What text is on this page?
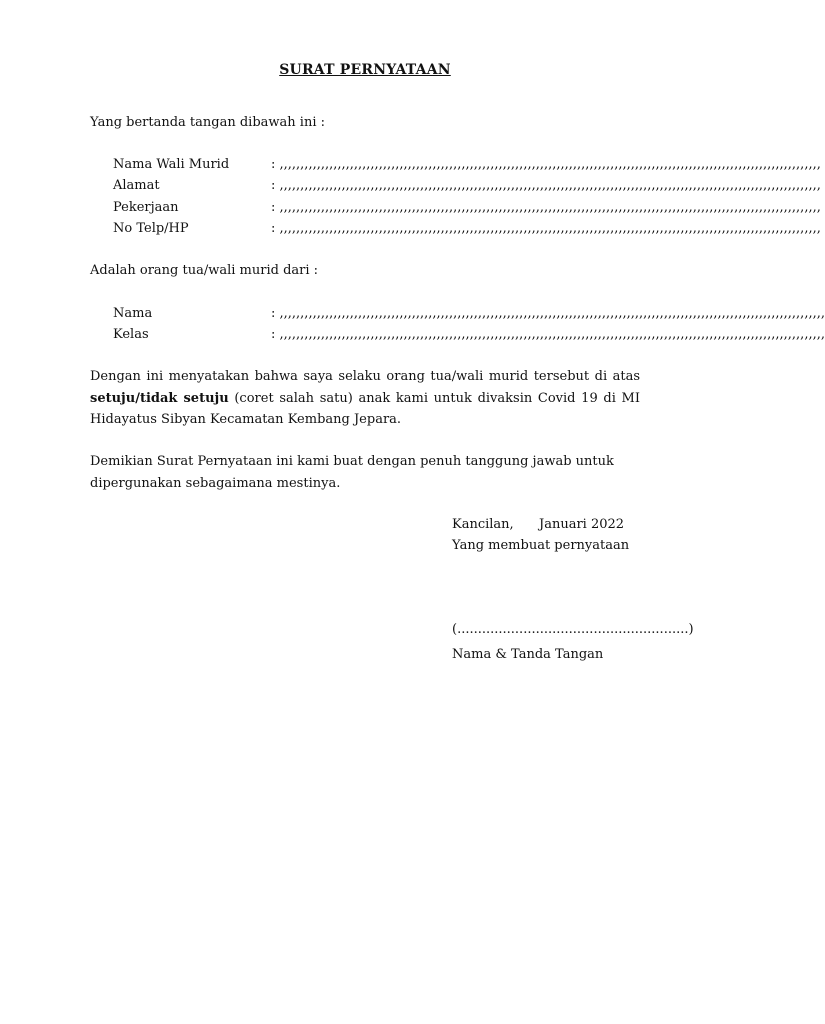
SURAT PERNYATAAN
Yang bertanda tangan dibawah ini :
Nama Wali Murid	: ,,,,,,,,,,,,,,,,,,,,,,,,,,,,,,,,,,,,,,,,,,,,,,,,,,,,,,,,,,,,,,,,,,,,,,,,,,,,,,,,,,,,,,,,,,,,,,,,,,,,,,,,,,,,,,,,,,,,,,,,,,,,,,,,,,,
Alamat	: ,,,,,,,,,,,,,,,,,,,,,,,,,,,,,,,,,,,,,,,,,,,,,,,,,,,,,,,,,,,,,,,,,,,,,,,,,,,,,,,,,,,,,,,,,,,,,,,,,,,,,,,,,,,,,,,,,,,,,,,,,,,,,,,,,,,
Pekerjaan	: ,,,,,,,,,,,,,,,,,,,,,,,,,,,,,,,,,,,,,,,,,,,,,,,,,,,,,,,,,,,,,,,,,,,,,,,,,,,,,,,,,,,,,,,,,,,,,,,,,,,,,,,,,,,,,,,,,,,,,,,,,,,,,,,,,,,
No Telp/HP	: ,,,,,,,,,,,,,,,,,,,,,,,,,,,,,,,,,,,,,,,,,,,,,,,,,,,,,,,,,,,,,,,,,,,,,,,,,,,,,,,,,,,,,,,,,,,,,,,,,,,,,,,,,,,,,,,,,,,,,,,,,,,,,,,,,,,
Adalah orang tua/wali murid dari :
Nama	: ,,,,,,,,,,,,,,,,,,,,,,,,,,,,,,,,,,,,,,,,,,,,,,,,,,,,,,,,,,,,,,,,,,,,,,,,,,,,,,,,,,,,,,,,,,,,,,,,,,,,,,,,,,,,,,,,,,,,,,,,,,,,,,,,,,,,
Kelas	: ,,,,,,,,,,,,,,,,,,,,,,,,,,,,,,,,,,,,,,,,,,,,,,,,,,,,,,,,,,,,,,,,,,,,,,,,,,,,,,,,,,,,,,,,,,,,,,,,,,,,,,,,,,,,,,,,,,,,,,,,,,,,,,,,,,,,
Dengan ini menyatakan bahwa saya selaku orang tua/wali murid tersebut di atas setuju/tidak setuju (coret salah satu) anak kami untuk divaksin Covid 19 di MI Hidayatus Sibyan Kecamatan Kembang Jepara.
Demikian Surat Pernyataan ini kami buat dengan penuh tanggung jawab untuk dipergunakan sebagaimana mestinya.
Kancilan, Januari 2022
Yang membuat pernyataan
(........................................................)
Nama & Tanda Tangan
